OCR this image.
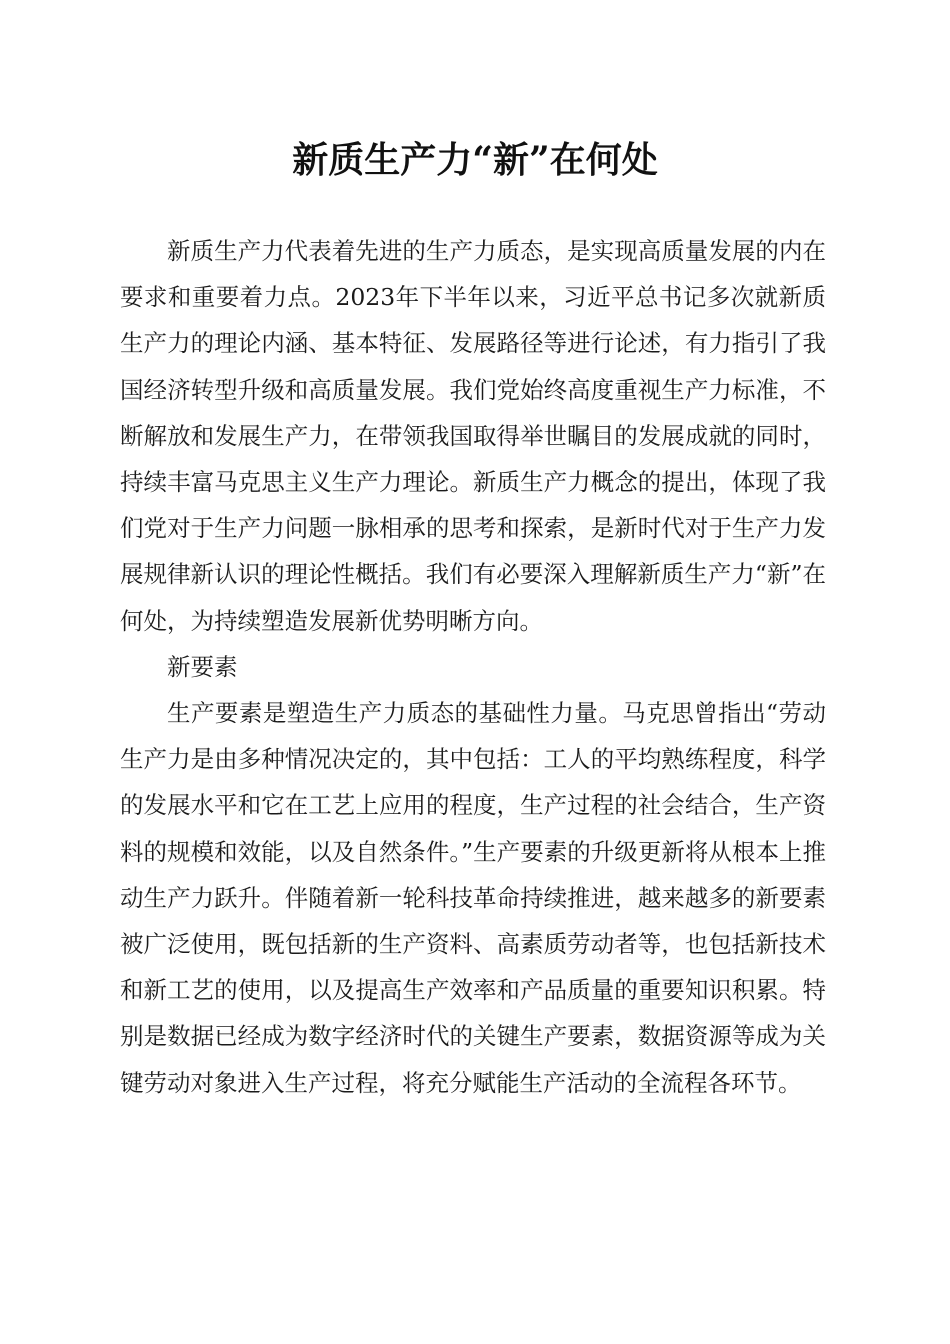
新质生产力“新”在何处

新质生产力代表着先进的生产力质态，是实现高质量发展的内在要求和重要着力点。2023年下半年以来，习近平总书记多次就新质生产力的理论内涵、基本特征、发展路径等进行论述，有力指引了我国经济转型升级和高质量发展。我们党始终高度重视生产力标准，不断解放和发展生产力，在带领我国取得举世瞩目的发展成就的同时，持续丰富马克思主义生产力理论。新质生产力概念的提出，体现了我们党对于生产力问题一脉相承的思考和探索，是新时代对于生产力发展规律新认识的理论性概括。我们有必要深入理解新质生产力“新”在何处，为持续塑造发展新优势明晰方向。

新要素

生产要素是塑造生产力质态的基础性力量。马克思曾指出“劳动生产力是由多种情况决定的，其中包括：工人的平均熟练程度，科学的发展水平和它在工艺上应用的程度，生产过程的社会结合，生产资料的规模和效能，以及自然条件。”生产要素的升级更新将从根本上推动生产力跃升。伴随着新一轮科技革命持续推进，越来越多的新要素被广泛使用，既包括新的生产资料、高素质劳动者等，也包括新技术和新工艺的使用，以及提高生产效率和产品质量的重要知识积累。特别是数据已经成为数字经济时代的关键生产要素，数据资源等成为关键劳动对象进入生产过程，将充分赋能生产活动的全流程各环节。
